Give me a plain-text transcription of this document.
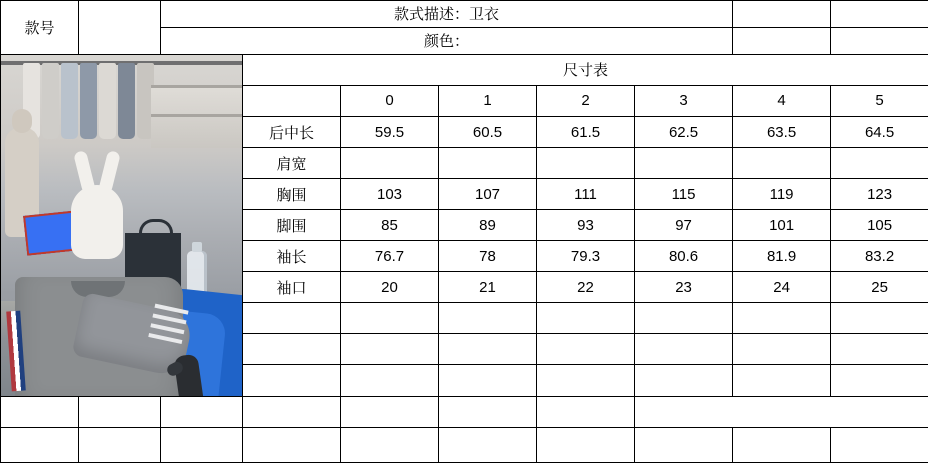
款号		款式描述：卫衣							
		颜色：							

			尺寸表						
				0	1	2	3	4	5
			后中长	59.5	60.5	61.5	62.5	63.5	64.5
			肩宽						
			胸围	103	107	111	115	119	123
			脚围	85	89	93	97	101	105
			袖长	76.7	78	79.3	80.6	81.9	83.2
			袖口	20	21	22	23	24	25
